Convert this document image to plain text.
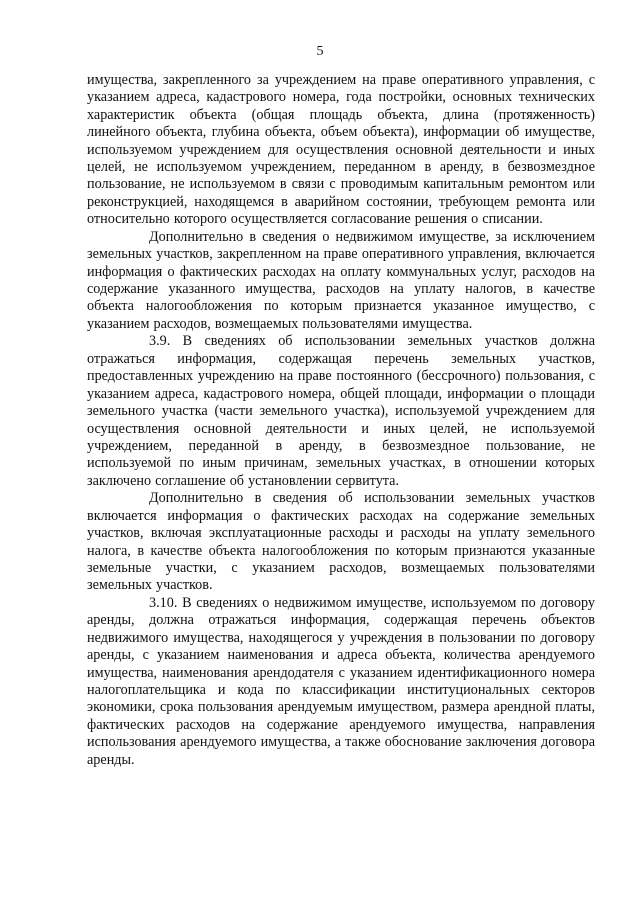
5

имущества, закрепленного за учреждением на праве оперативного управления, с указанием адреса, кадастрового номера, года постройки, основных технических характеристик объекта (общая площадь объекта, длина (протяженность) линейного объекта, глубина объекта, объем объекта), информации об имуществе, используемом учреждением для осуществления основной деятельности и иных целей, не используемом учреждением, переданном в аренду, в безвозмездное пользование, не используемом в связи с проводимым капитальным ремонтом или реконструкцией, находящемся в аварийном состоянии, требующем ремонта или относительно которого осуществляется согласование решения о списании.

Дополнительно в сведения о недвижимом имуществе, за исключением земельных участков, закрепленном на праве оперативного управления, включается информация о фактических расходах на оплату коммунальных услуг, расходов на содержание указанного имущества, расходов на уплату налогов, в качестве объекта налогообложения по которым признается указанное имущество, с указанием расходов, возмещаемых пользователями имущества.

3.9. В сведениях об использовании земельных участков должна отражаться информация, содержащая перечень земельных участков, предоставленных учреждению на праве постоянного (бессрочного) пользования, с указанием адреса, кадастрового номера, общей площади, информации о площади земельного участка (части земельного участка), используемой учреждением для осуществления основной деятельности и иных целей, не используемой учреждением, переданной в аренду, в безвозмездное пользование, не используемой по иным причинам, земельных участках, в отношении которых заключено соглашение об установлении сервитута.

Дополнительно в сведения об использовании земельных участков включается информация о фактических расходах на содержание земельных участков, включая эксплуатационные расходы и расходы на уплату земельного налога, в качестве объекта налогообложения по которым признаются указанные земельные участки, с указанием расходов, возмещаемых пользователями земельных участков.

3.10. В сведениях о недвижимом имуществе, используемом по договору аренды, должна отражаться информация, содержащая перечень объектов недвижимого имущества, находящегося у учреждения в пользовании по договору аренды, с указанием наименования и адреса объекта, количества арендуемого имущества, наименования арендодателя с указанием идентификационного номера налогоплательщика и кода по классификации институциональных секторов экономики, срока пользования арендуемым имуществом, размера арендной платы, фактических расходов на содержание арендуемого имущества, направления использования арендуемого имущества, а также обоснование заключения договора аренды.
